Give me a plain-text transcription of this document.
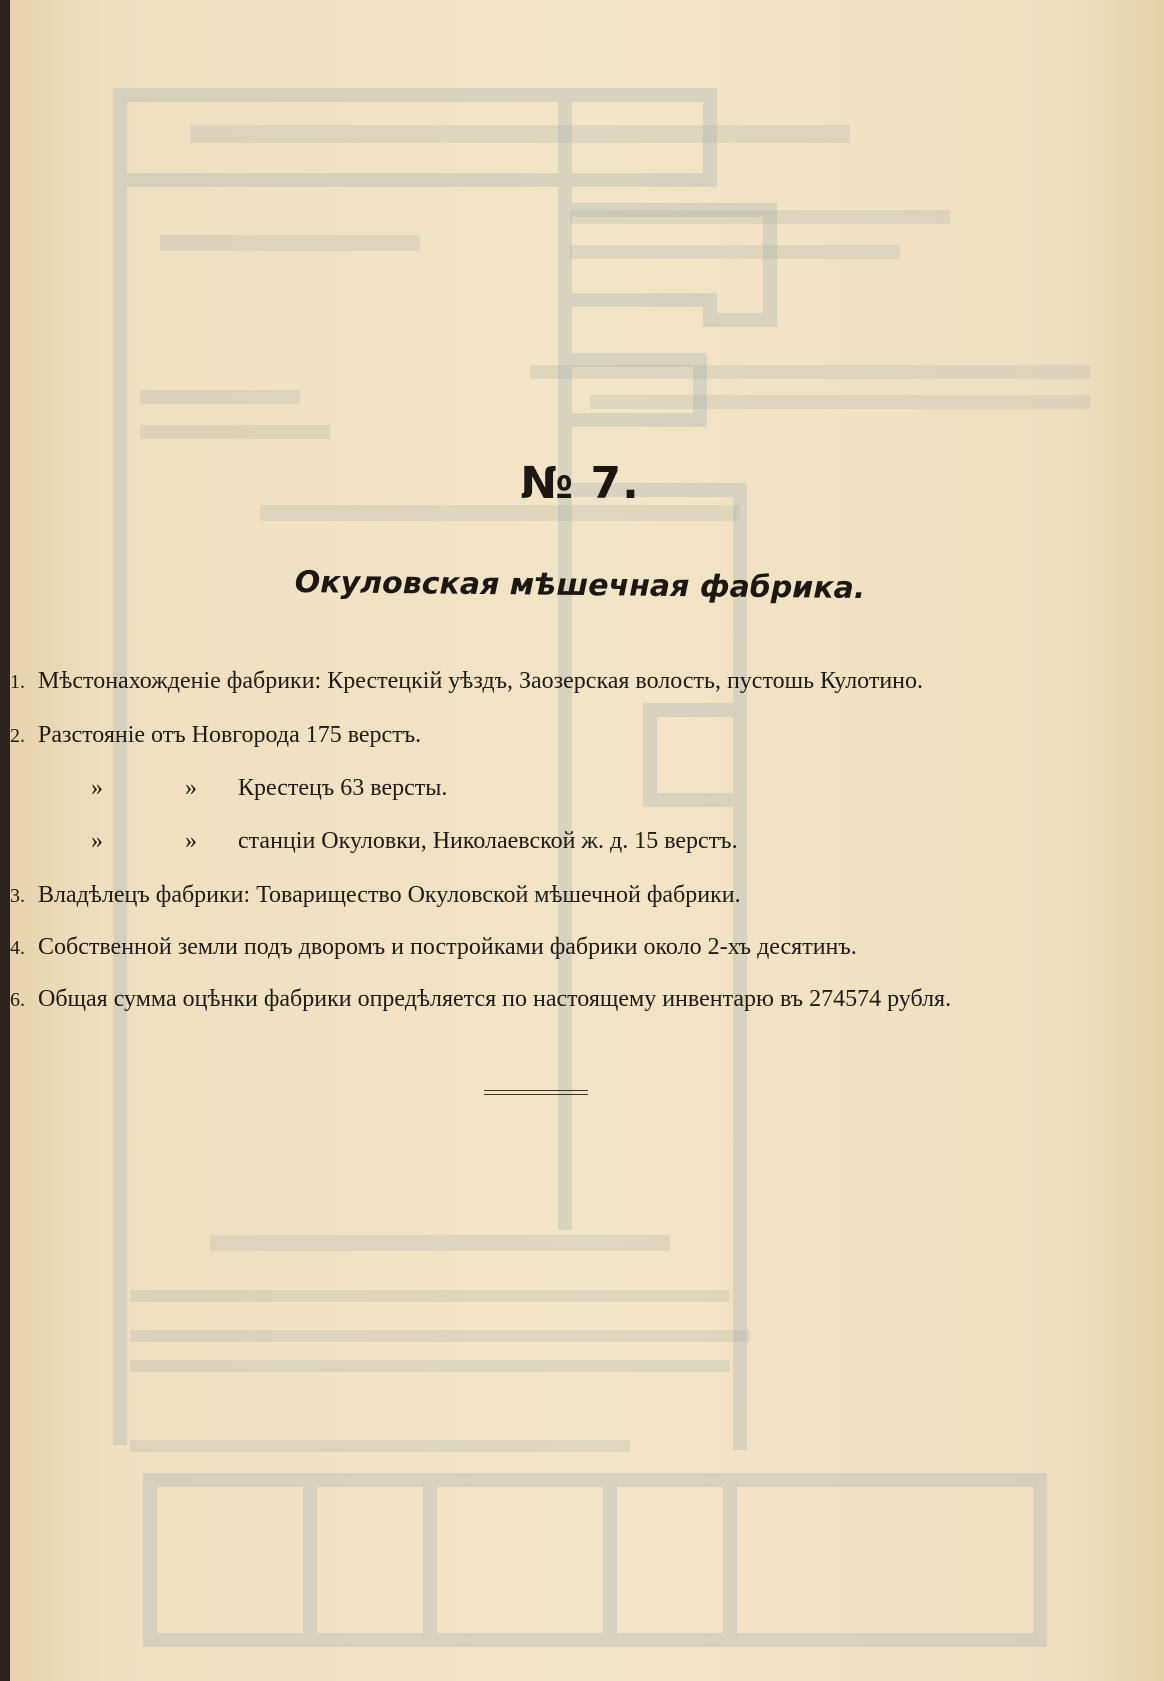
№ 7.
Окуловская мѣшечная фабрика.
1. Мѣстонахожденіе фабрики: Крестецкій уѣздъ, Заозерская волость, пустошь Кулотино.
2. Разстояніе отъ Новгорода 175 верстъ.
»	» Крестецъ 63 версты.
»	» станціи Окуловки, Николаевской ж. д. 15 верстъ.
3. Владѣлецъ фабрики: Товарищество Окуловской мѣшечной фабрики.
4. Собственной земли подъ дворомъ и постройками фабрики около 2-хъ десятинъ.
6. Общая сумма оцѣнки фабрики опредѣляется по настоящему инвентарю въ 274574 рубля.
